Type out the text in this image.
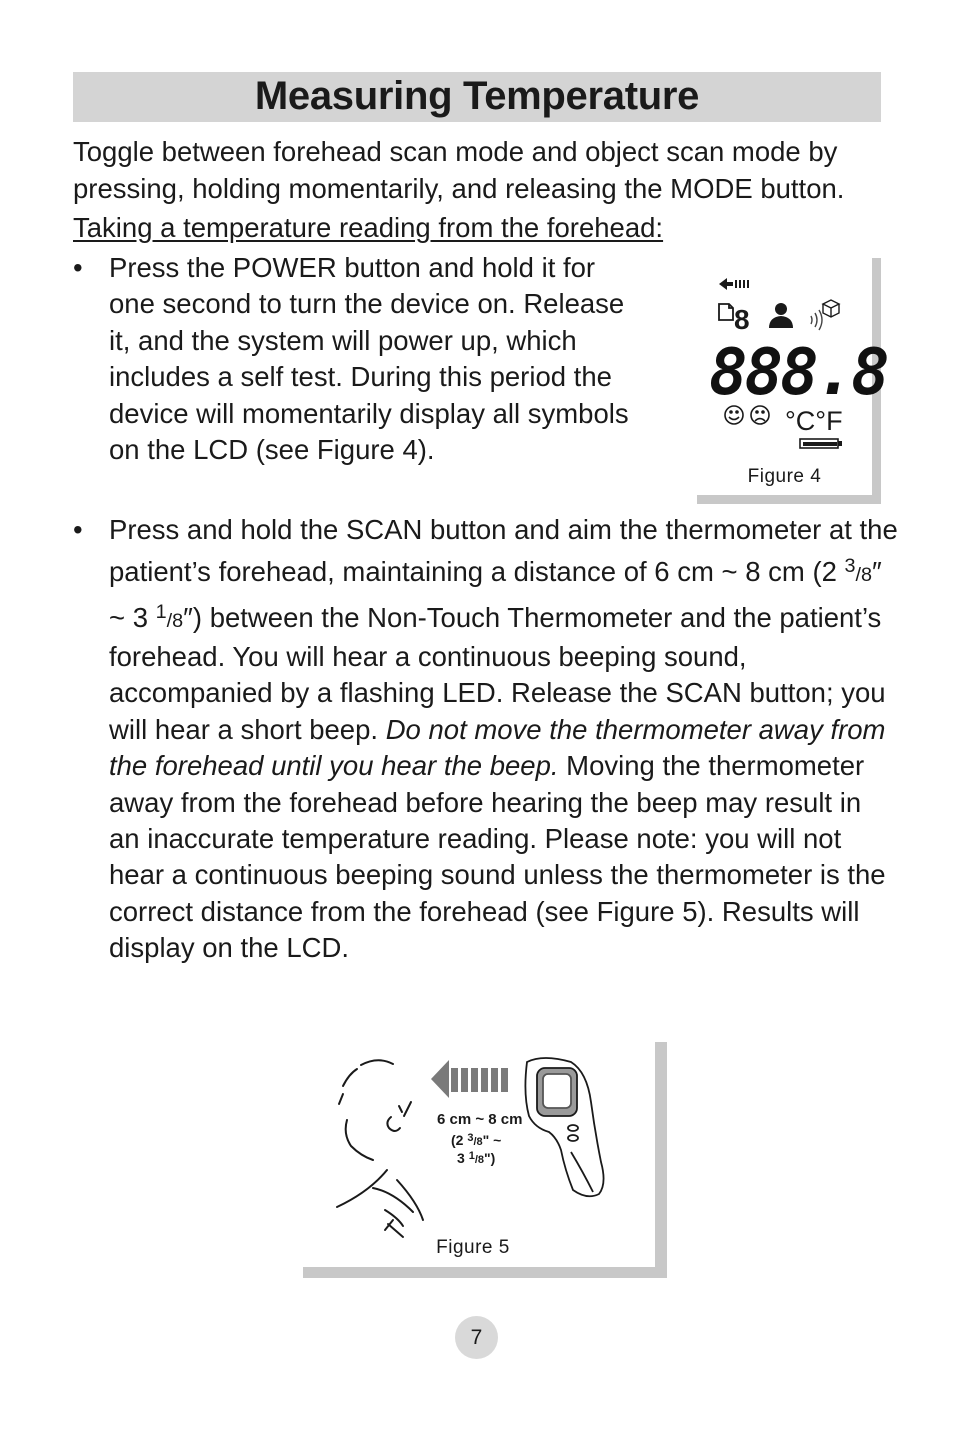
Measuring Temperature
Toggle between forehead scan mode and object scan mode by pressing, holding momentarily, and releasing the MODE button.
Taking a temperature reading from the forehead:
• Press the POWER button and hold it for one second to turn the device on. Release it, and the system will power up, which includes a self test. During this period the device will momentarily display all symbols on the LCD (see Figure 4).
8
888.8
°C°F
Figure 4
• Press and hold the SCAN button and aim the thermometer at the patient’s forehead, maintaining a distance of 6 cm ~ 8 cm (2 $^3$/8″ ~ 3 $^1$/8″) between the Non-Touch Thermometer and the patient’s forehead. You will hear a continuous beeping sound, accompanied by a flashing LED. Release the SCAN button; you will hear a short beep. Do not move the thermometer away from the forehead until you hear the beep. Moving the thermometer away from the forehead before hearing the beep may result in an inaccurate temperature reading. Please note: you will not hear a continuous beeping sound unless the thermometer is the correct distance from the forehead (see Figure 5). Results will display on the LCD.
6 cm ~ 8 cm
(2 $^3_{/8}$" ~
3 $^1_{/8}$")
Figure 5
7
